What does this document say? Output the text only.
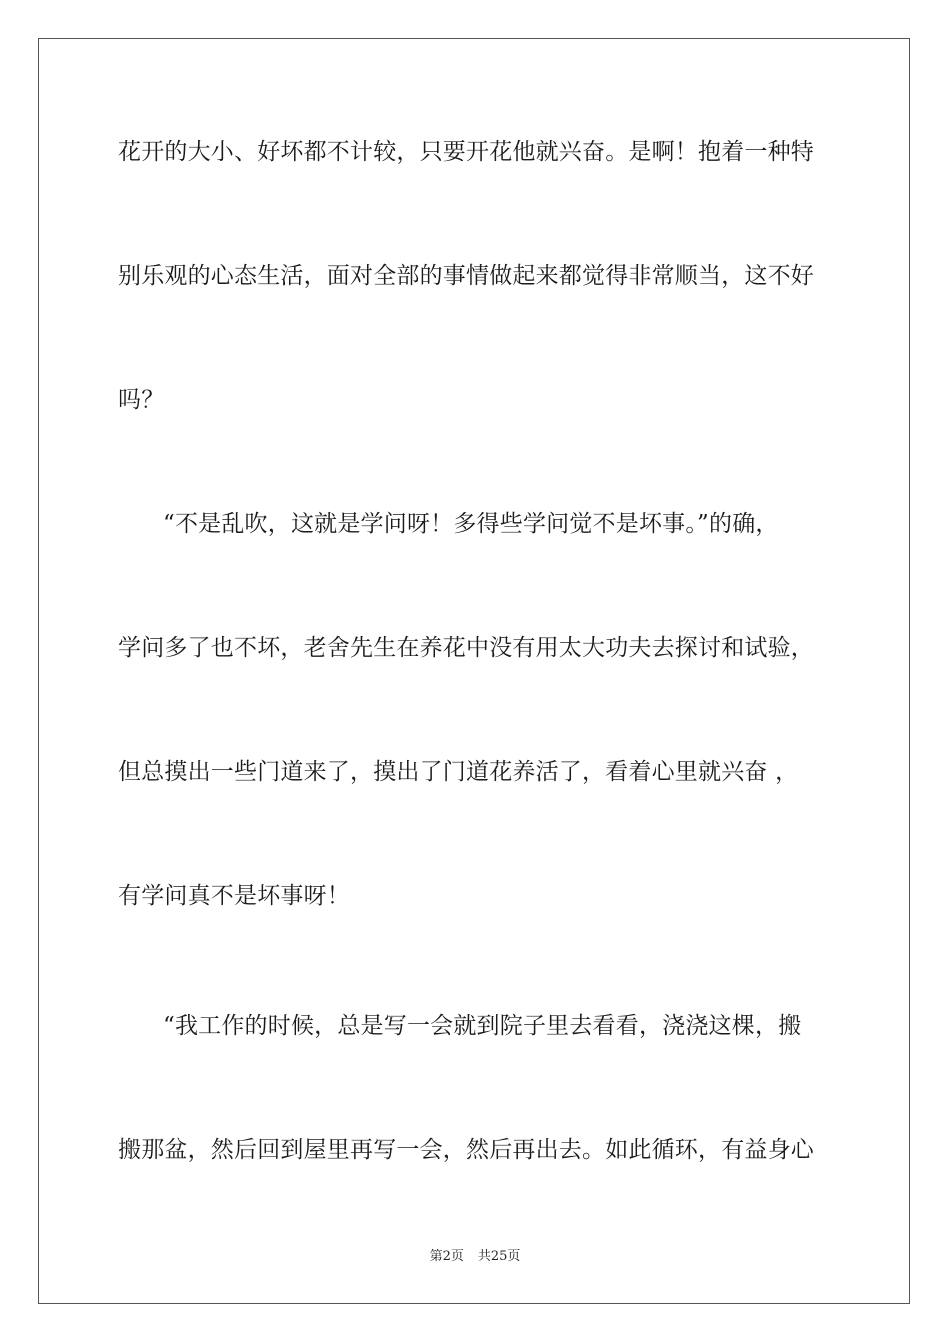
花开的大小、好坏都不计较，只要开花他就兴奋。是啊！抱着一种特
别乐观的心态生活，面对全部的事情做起来都觉得非常顺当，这不好
吗？
“不是乱吹，这就是学问呀！多得些学问觉不是坏事。”的确，
学问多了也不坏，老舍先生在养花中没有用太大功夫去探讨和试验，
但总摸出一些门道来了，摸出了门道花养活了，看着心里就兴奋 ，
有学问真不是坏事呀！
“我工作的时候，总是写一会就到院子里去看看，浇浇这棵，搬
搬那盆，然后回到屋里再写一会，然后再出去。如此循环，有益身心
第2页 共25页
